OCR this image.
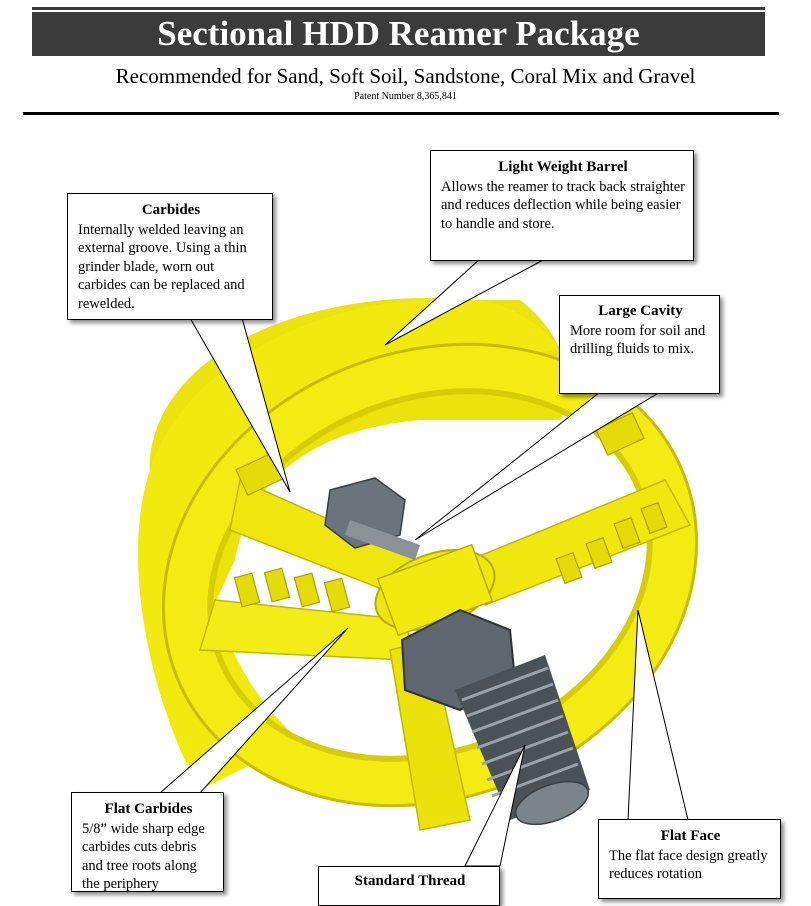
Sectional HDD Reamer Package
Recommended for Sand, Soft Soil, Sandstone, Coral Mix and Gravel
Patent Number 8,365,841
Carbides
Internally welded leaving an external groove. Using a thin grinder blade, worn out carbides can be replaced and rewelded.
Light Weight Barrel
Allows the reamer to track back straighter and reduces deflection while being easier to handle and store.
Large Cavity
More room for soil and drilling fluids to mix.
Flat Carbides
5/8” wide sharp edge carbides cuts debris and tree roots along the periphery	Standard Thread
Flat Face
The flat face design greatly reduces rotation
